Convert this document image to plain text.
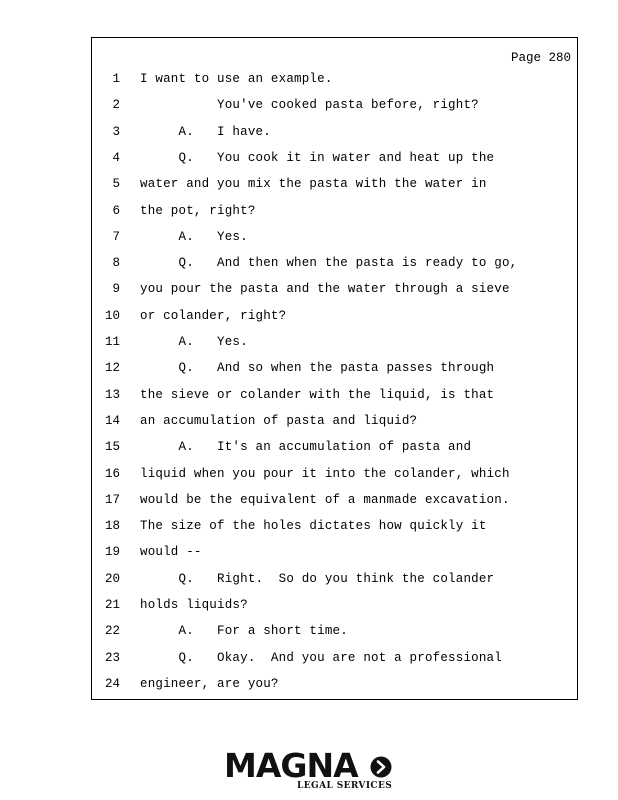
Page 280
1 I want to use an example.
2 You've cooked pasta before, right?
3 A.   I have.
4 Q.   You cook it in water and heat up the
5 water and you mix the pasta with the water in
6 the pot, right?
7 A.   Yes.
8 Q.   And then when the pasta is ready to go,
9 you pour the pasta and the water through a sieve
10 or colander, right?
11 A.   Yes.
12 Q.   And so when the pasta passes through
13 the sieve or colander with the liquid, is that
14 an accumulation of pasta and liquid?
15 A.   It's an accumulation of pasta and
16 liquid when you pour it into the colander, which
17 would be the equivalent of a manmade excavation.
18 The size of the holes dictates how quickly it
19 would --
20 Q.   Right.  So do you think the colander
21 holds liquids?
22 A.   For a short time.
23 Q.   Okay.  And you are not a professional
24 engineer, are you?
MAGNA
LEGAL SERVICES
